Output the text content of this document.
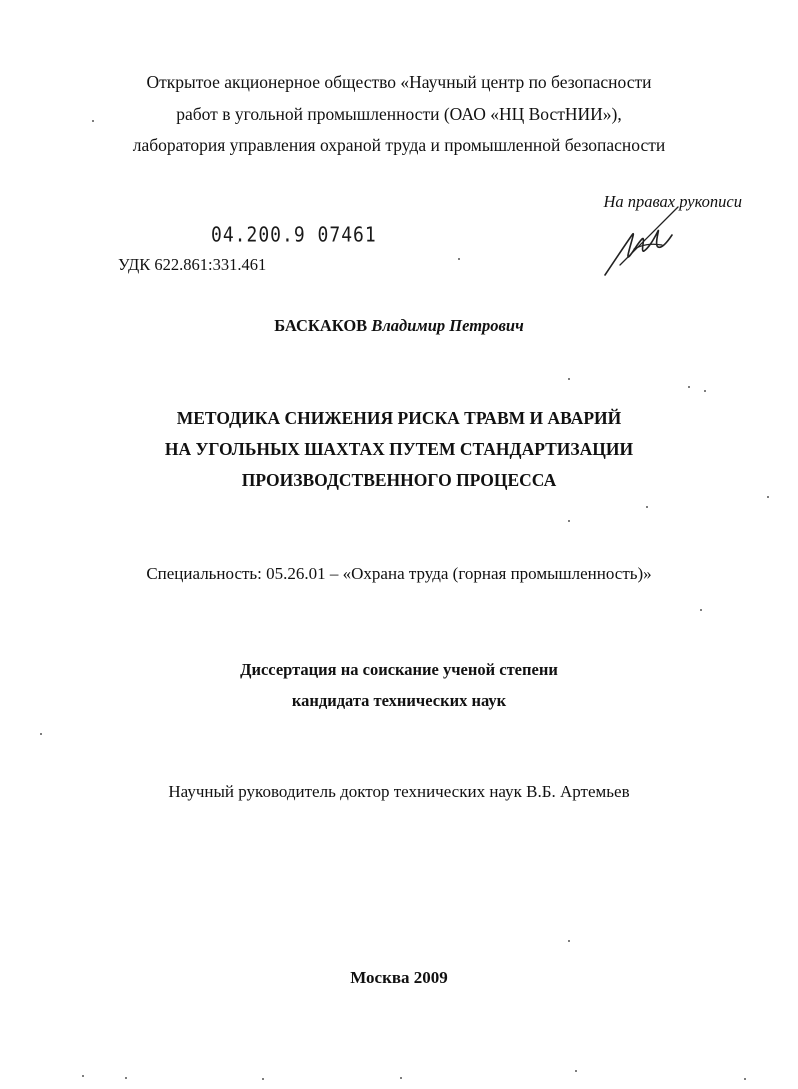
Открытое акционерное общество «Научный центр по безопасности
работ в угольной промышленности (ОАО «НЦ ВостНИИ»),
лаборатория управления охраной труда и промышленной безопасности
На правах рукописи
04.200.9 07461
УДК 622.861:331.461
БАСКАКОВ Владимир Петрович
МЕТОДИКА СНИЖЕНИЯ РИСКА ТРАВМ И АВАРИЙ
НА УГОЛЬНЫХ ШАХТАХ ПУТЕМ СТАНДАРТИЗАЦИИ
ПРОИЗВОДСТВЕННОГО ПРОЦЕССА
Специальность: 05.26.01 – «Охрана труда (горная промышленность)»
Диссертация на соискание ученой степени
кандидата технических наук
Научный руководитель доктор технических наук В.Б. Артемьев
Москва 2009
